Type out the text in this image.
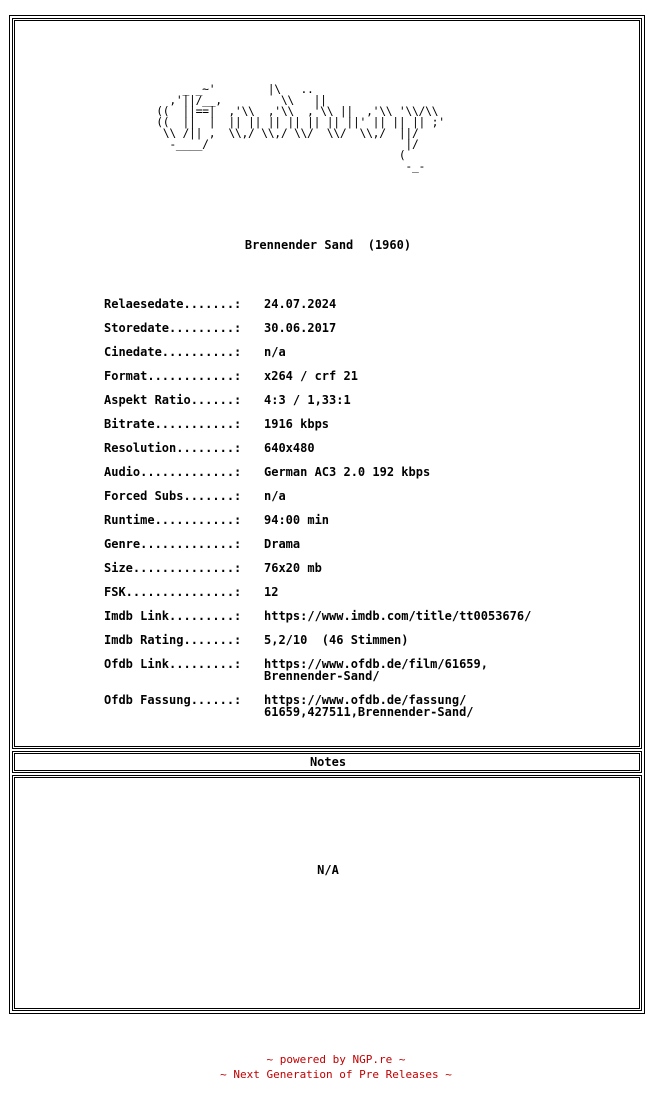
_ _~'        |\   ..
,'||/__,         \\   ||
((  ||==|  ,'\\  ,'\\  ,'\\ ||  ,'\\ '\\/\\
((  ||  |  || || || || || || ||' || || || ;'
\\ /|| ,  \\,/ \\,/ \\/  \\/  \\,/  ||/
-____/                              |/
(
-_-
Brennender Sand  (1960)
Relaesedate.......:	24.07.2024
Storedate.........:	30.06.2017
Cinedate..........:	n/a
Format............:	x264 / crf 21
Aspekt Ratio......:	4:3 / 1,33:1
Bitrate...........:	1916 kbps
Resolution........:	640x480
Audio.............:	German AC3 2.0 192 kbps
Forced Subs.......:	n/a
Runtime...........:	94:00 min
Genre.............:	Drama
Size..............:	76x20 mb
FSK...............:	12
Imdb Link.........:	https://www.imdb.com/title/tt0053676/
Imdb Rating.......:	5,2/10  (46 Stimmen)
Ofdb Link.........:	https://www.ofdb.de/film/61659,
Brennender-Sand/
Ofdb Fassung......:	https://www.ofdb.de/fassung/
61659,427511,Brennender-Sand/
Notes
N/A
~ powered by NGP.re ~
~ Next Generation of Pre Releases ~
